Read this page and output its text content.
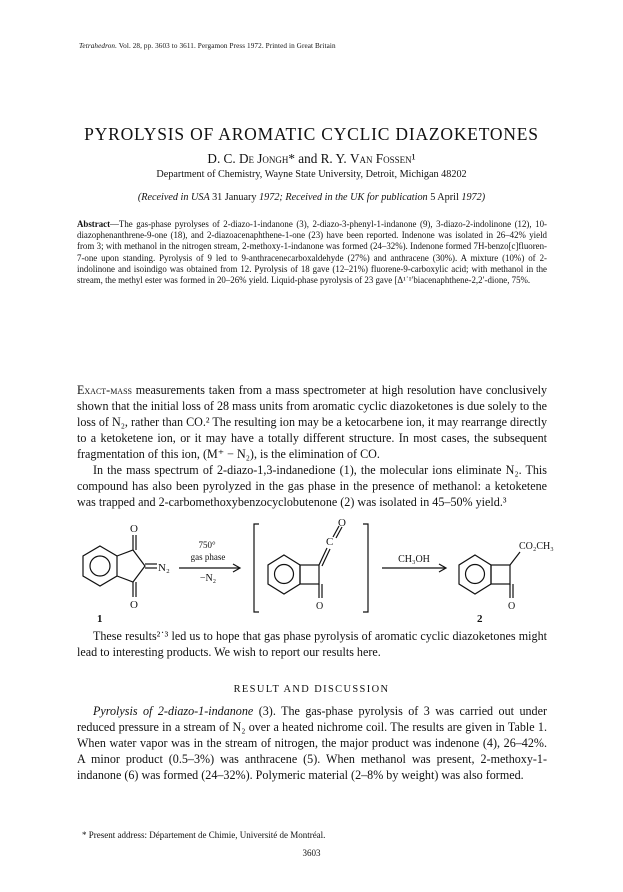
Tetrahedron. Vol. 28, pp. 3603 to 3611. Pergamon Press 1972. Printed in Great Britain
PYROLYSIS OF AROMATIC CYCLIC DIAZOKETONES
D. C. De Jongh* and R. Y. Van Fossen¹
Department of Chemistry, Wayne State University, Detroit, Michigan 48202
(Received in USA 31 January 1972; Received in the UK for publication 5 April 1972)
Abstract—The gas-phase pyrolyses of 2-diazo-1-indanone (3), 2-diazo-3-phenyl-1-indanone (9), 3-diazo-2-indolinone (12), 10-diazophenanthrene-9-one (18), and 2-diazoacenaphthene-1-one (23) have been reported. Indenone was isolated in 26–42% yield from 3; with methanol in the nitrogen stream, 2-methoxy-1-indanone was formed (24–32%). Indenone formed 7H-benzo[c]fluoren-7-one upon standing. Pyrolysis of 9 led to 9-anthracenecarboxaldehyde (27%) and anthracene (30%). A mixture (10%) of 2-indolinone and isoindigo was obtained from 12. Pyrolysis of 18 gave (12–21%) fluorene-9-carboxylic acid; with methanol in the stream, the methyl ester was formed in 20–26% yield. Liquid-phase pyrolysis of 23 gave [Δ¹˙¹′biacenaphthene-2,2′-dione, 75%.
Exact-mass measurements taken from a mass spectrometer at high resolution have conclusively shown that the initial loss of 28 mass units from aromatic cyclic diazoketones is due solely to the loss of N₂, rather than CO.² The resulting ion may be a ketocarbene ion, it may rearrange directly to a ketoketene ion, or it may have a totally different structure. In most cases, the subsequent fragmentation of this ion, (M⁺ − N₂), is the elimination of CO.
In the mass spectrum of 2-diazo-1,3-indanedione (1), the molecular ions eliminate N₂. This compound has also been pyrolyzed in the gas phase in the presence of methanol: a ketoketene was trapped and 2-carbomethoxybenzocyclobutenone (2) was isolated in 45–50% yield.³
O
O
N₂
750°
gas phase
−N₂
C
O
O
CH₃OH
CO₂CH₃
O
1	2
These results²˙³ led us to hope that gas phase pyrolysis of aromatic cyclic diazoketones might lead to interesting products. We wish to report our results here.
RESULT AND DISCUSSION
Pyrolysis of 2-diazo-1-indanone (3). The gas-phase pyrolysis of 3 was carried out under reduced pressure in a stream of N₂ over a heated nichrome coil. The results are given in Table 1. When water vapor was in the stream of nitrogen, the major product was indenone (4), 26–42%. A minor product (0.5–3%) was anthracene (5). When methanol was present, 2-methoxy-1-indanone (6) was formed (24–32%). Polymeric material (2–8% by weight) was also formed.
* Present address: Département de Chimie, Université de Montréal.
3603
